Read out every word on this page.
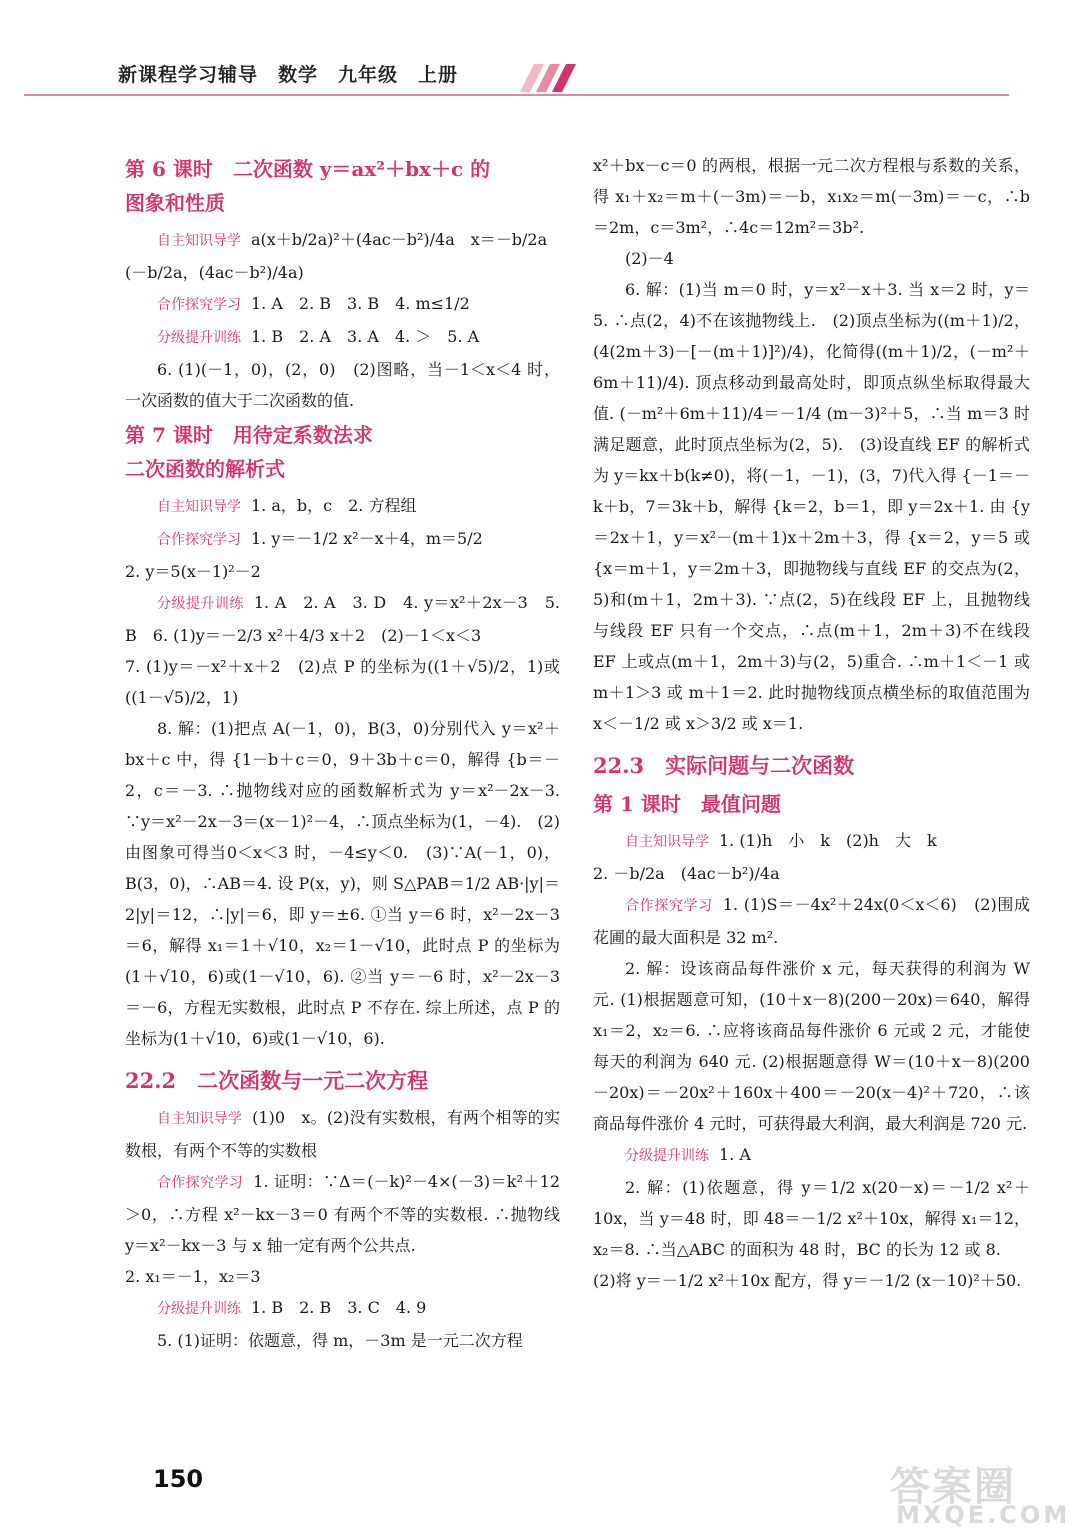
新课程学习辅导　数学　九年级　上册

第 6 课时　二次函数 y＝ax²＋bx＋c 的
图象和性质

自主知识导学 a(x＋b/2a)²＋(4ac－b²)/4a　x＝－b/2a

(－b/2a，(4ac－b²)/4a)

合作探究学习 1. A　2. B　3. B　4. m≤1/2

分级提升训练 1. B　2. A　3. A　4. ＞　5. A

6. (1)(－1，0)，(2，0)　(2)图略，当－1＜x＜4 时，一次函数的值大于二次函数的值.

第 7 课时　用待定系数法求
二次函数的解析式

自主知识导学 1. a，b，c　2. 方程组

合作探究学习 1. y＝－1/2 x²－x＋4，m＝5/2

2. y＝5(x－1)²－2

分级提升训练 1. A　2. A　3. D　4. y＝x²＋2x－3　5. B　6. (1)y＝－2/3 x²＋4/3 x＋2　(2)－1＜x＜3

7. (1)y＝－x²＋x＋2　(2)点 P 的坐标为((1＋√5)/2，1)或((1－√5)/2，1)

8. 解：(1)把点 A(－1，0)，B(3，0)分别代入 y＝x²＋bx＋c 中，得 {1－b＋c＝0，9＋3b＋c＝0，解得 {b＝－2，c＝－3. ∴抛物线对应的函数解析式为 y＝x²－2x－3. ∵y＝x²－2x－3＝(x－1)²－4，∴顶点坐标为(1，－4).　(2)由图象可得当0＜x＜3 时，－4≤y＜0.　(3)∵A(－1，0)，B(3，0)，∴AB＝4. 设 P(x，y)，则 S△PAB＝1/2 AB·|y|＝2|y|＝12，∴|y|＝6，即 y＝±6. ①当 y＝6 时，x²－2x－3＝6，解得 x₁＝1＋√10，x₂＝1－√10，此时点 P 的坐标为(1＋√10，6)或(1－√10，6). ②当 y＝－6 时，x²－2x－3＝－6，方程无实数根，此时点 P 不存在. 综上所述，点 P 的坐标为(1＋√10，6)或(1－√10，6).

22.2　二次函数与一元二次方程

自主知识导学 (1)0　x。(2)没有实数根，有两个相等的实数根，有两个不等的实数根

合作探究学习 1. 证明：∵Δ＝(－k)²－4×(－3)＝k²＋12＞0，∴方程 x²－kx－3＝0 有两个不等的实数根. ∴抛物线 y＝x²－kx－3 与 x 轴一定有两个公共点.

2. x₁＝－1，x₂＝3

分级提升训练 1. B　2. B　3. C　4. 9

5. (1)证明：依题意，得 m，－3m 是一元二次方程

x²＋bx－c＝0 的两根，根据一元二次方程根与系数的关系，得 x₁＋x₂＝m＋(－3m)＝－b，x₁x₂＝m(－3m)＝－c，∴b＝2m，c＝3m²，∴4c＝12m²＝3b².

(2)－4

6. 解：(1)当 m＝0 时，y＝x²－x＋3. 当 x＝2 时，y＝5. ∴点(2，4)不在该抛物线上.　(2)顶点坐标为((m＋1)/2，(4(2m＋3)－[－(m＋1)]²)/4)，化简得((m＋1)/2，(－m²＋6m＋11)/4). 顶点移动到最高处时，即顶点纵坐标取得最大值. (－m²＋6m＋11)/4＝－1/4 (m－3)²＋5，∴当 m＝3 时满足题意，此时顶点坐标为(2，5).　(3)设直线 EF 的解析式为 y＝kx＋b(k≠0)，将(－1，－1)，(3，7)代入得 {－1＝－k＋b，7＝3k＋b，解得 {k＝2，b＝1，即 y＝2x＋1. 由 {y＝2x＋1，y＝x²－(m＋1)x＋2m＋3，得 {x＝2，y＝5 或 {x＝m＋1，y＝2m＋3，即抛物线与直线 EF 的交点为(2，5)和(m＋1，2m＋3). ∵点(2，5)在线段 EF 上，且抛物线与线段 EF 只有一个交点，∴点(m＋1，2m＋3)不在线段 EF 上或点(m＋1，2m＋3)与(2，5)重合. ∴m＋1＜－1 或 m＋1＞3 或 m＋1＝2. 此时抛物线顶点横坐标的取值范围为 x＜－1/2 或 x＞3/2 或 x＝1.

22.3　实际问题与二次函数

第 1 课时　最值问题

自主知识导学 1. (1)h　小　k　(2)h　大　k

2. －b/2a　(4ac－b²)/4a

合作探究学习 1. (1)S＝－4x²＋24x(0＜x＜6)　(2)围成花圃的最大面积是 32 m².

2. 解：设该商品每件涨价 x 元，每天获得的利润为 W 元. (1)根据题意可知，(10＋x－8)(200－20x)＝640，解得 x₁＝2，x₂＝6. ∴应将该商品每件涨价 6 元或 2 元，才能使每天的利润为 640 元. (2)根据题意得 W＝(10＋x－8)(200－20x)＝－20x²＋160x＋400＝－20(x－4)²＋720，∴该商品每件涨价 4 元时，可获得最大利润，最大利润是 720 元.

分级提升训练 1. A

2. 解：(1)依题意，得 y＝1/2 x(20－x)＝－1/2 x²＋10x，当 y＝48 时，即 48＝－1/2 x²＋10x，解得 x₁＝12，x₂＝8. ∴当△ABC 的面积为 48 时，BC 的长为 12 或 8.

(2)将 y＝－1/2 x²＋10x 配方，得 y＝－1/2 (x－10)²＋50.

150	答案圈
MXQE.COM
